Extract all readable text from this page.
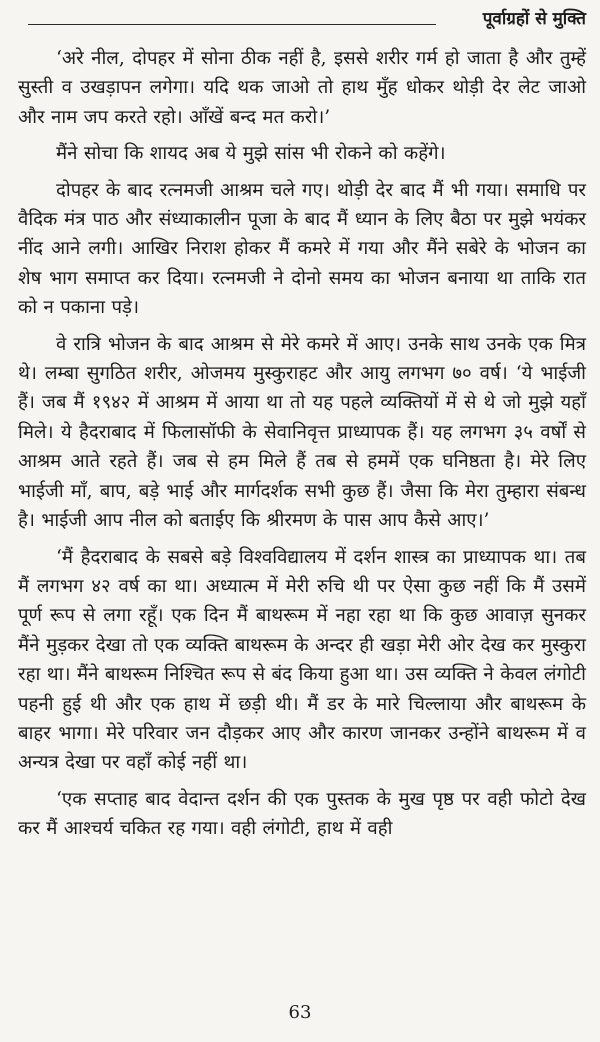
पूर्वाग्रहों से मुक्ति

‘अरे नील, दोपहर में सोना ठीक नहीं है, इससे शरीर गर्म हो जाता है और तुम्हें सुस्ती व उखड़ापन लगेगा। यदि थक जाओ तो हाथ मुँह धोकर थोड़ी देर लेट जाओ और नाम जप करते रहो। आँखें बन्द मत करो।’

मैंने सोचा कि शायद अब ये मुझे सांस भी रोकने को कहेंगे।

दोपहर के बाद रत्नमजी आश्रम चले गए। थोड़ी देर बाद मैं भी गया। समाधि पर वैदिक मंत्र पाठ और संध्याकालीन पूजा के बाद मैं ध्यान के लिए बैठा पर मुझे भयंकर नींद आने लगी। आखिर निराश होकर मैं कमरे में गया और मैंने सबेरे के भोजन का शेष भाग समाप्त कर दिया। रत्नमजी ने दोनो समय का भोजन बनाया था ताकि रात को न पकाना पड़े।

वे रात्रि भोजन के बाद आश्रम से मेरे कमरे में आए। उनके साथ उनके एक मित्र थे। लम्बा सुगठित शरीर, ओजमय मुस्कुराहट और आयु लगभग ७० वर्ष। ‘ये भाईजी हैं। जब मैं १९४२ में आश्रम में आया था तो यह पहले व्यक्तियों में से थे जो मुझे यहाँ मिले। ये हैदराबाद में फिलासॉफी के सेवानिवृत्त प्राध्यापक हैं। यह लगभग ३५ वर्षों से आश्रम आते रहते हैं। जब से हम मिले हैं तब से हममें एक घनिष्ठता है। मेरे लिए भाईजी माँ, बाप, बड़े भाई और मार्गदर्शक सभी कुछ हैं। जैसा कि मेरा तुम्हारा संबन्ध है। भाईजी आप नील को बताईए कि श्रीरमण के पास आप कैसे आए।’

‘मैं हैदराबाद के सबसे बड़े विश्वविद्यालय में दर्शन शास्त्र का प्राध्यापक था। तब मैं लगभग ४२ वर्ष का था। अध्यात्म में मेरी रुचि थी पर ऐसा कुछ नहीं कि मैं उसमें पूर्ण रूप से लगा रहूँ। एक दिन मैं बाथरूम में नहा रहा था कि कुछ आवाज़ सुनकर मैंने मुड़कर देखा तो एक व्यक्ति बाथरूम के अन्दर ही खड़ा मेरी ओर देख कर मुस्कुरा रहा था। मैंने बाथरूम निश्चित रूप से बंद किया हुआ था। उस व्यक्ति ने केवल लंगोटी पहनी हुई थी और एक हाथ में छड़ी थी। मैं डर के मारे चिल्लाया और बाथरूम के बाहर भागा। मेरे परिवार जन दौड़कर आए और कारण जानकर उन्होंने बाथरूम में व अन्यत्र देखा पर वहाँ कोई नहीं था।

‘एक सप्ताह बाद वेदान्त दर्शन की एक पुस्तक के मुख पृष्ठ पर वही फोटो देख कर मैं आश्चर्य चकित रह गया। वही लंगोटी, हाथ में वही

63
